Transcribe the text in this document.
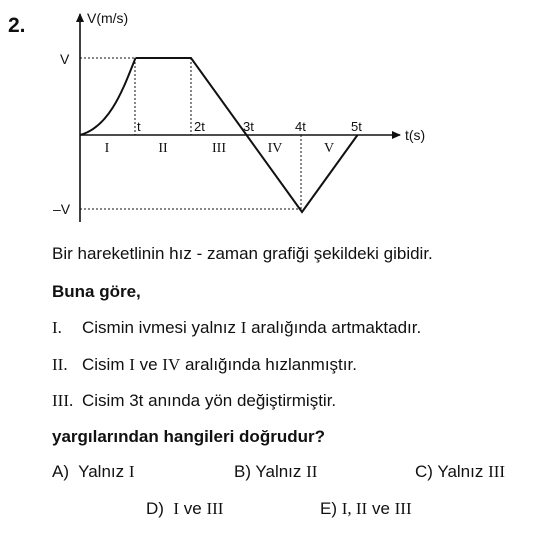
2.	V(m/s)
t(s)
V
–V
t	2t	3t	4t	5t
I	II	III	IV	V
Bir hareketlinin hız - zaman grafiği şekildeki gibidir.
Buna göre,
I. Cismin ivmesi yalnız I aralığında artmaktadır.
II. Cisim I ve IV aralığında hızlanmıştır.
III. Cisim 3t anında yön değiştirmiştir.
yargılarından hangileri doğrudur?
A) Yalnız I	B) Yalnız II	C) Yalnız III
D) I ve III	E) I, II ve III
